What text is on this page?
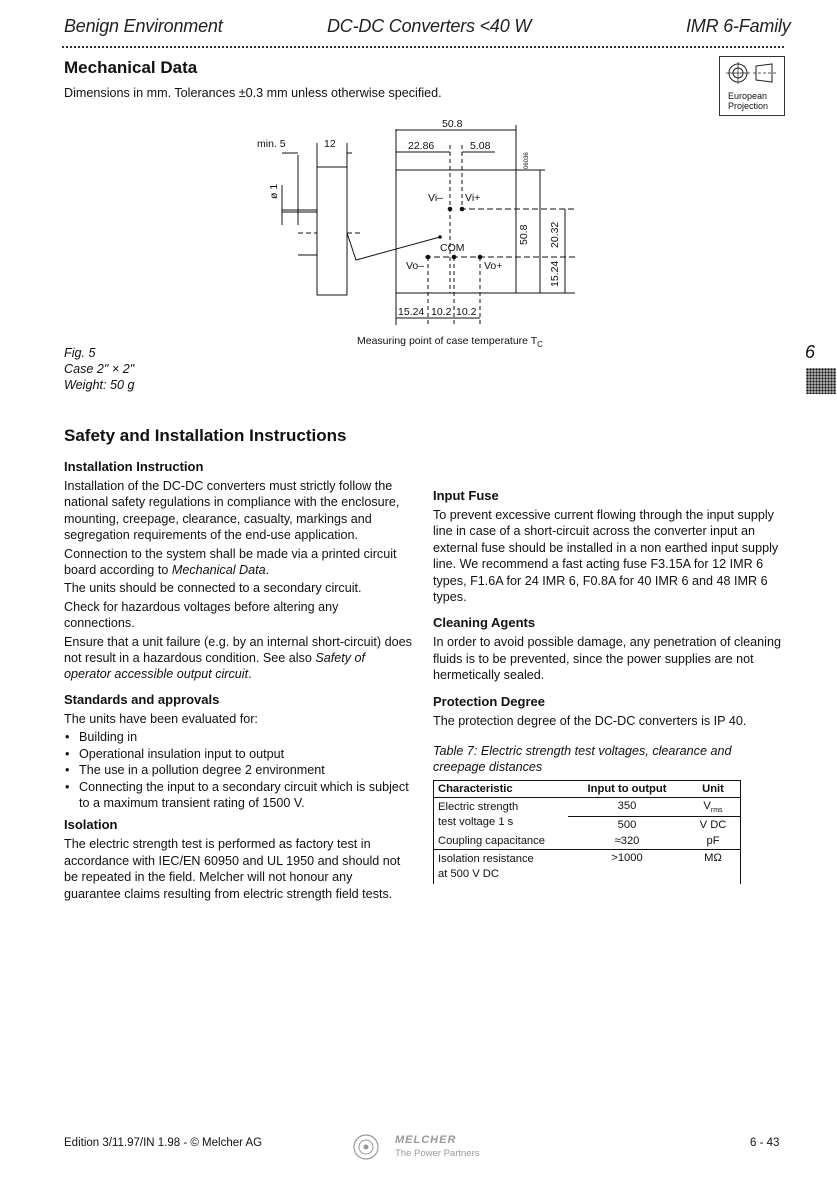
Benign Environment	DC-DC Converters <40 W	IMR 6-Family
Mechanical Data
Dimensions in mm. Tolerances ±0.3 mm unless otherwise specified.	European
Projection
min. 5	12
ø 1
50.8
22.86	5.08
50.8 20.32
15.24
15.24 10.2 10.2
Vi– Vi+
COM
Vo–	Vo+
06036
Measuring point of case temperature $T_C$
Fig. 5
Case 2" × 2"
Weight: 50 g
6
Safety and Installation Instructions
Installation Instruction

Installation of the DC-DC converters must strictly follow the national safety regulations in compliance with the enclosure, mounting, creepage, clearance, casualty, markings and segregation requirements of the end-use application.

Connection to the system shall be made via a printed circuit board according to Mechanical Data.

The units should be connected to a secondary circuit.

Check for hazardous voltages before altering any connections.

Ensure that a unit failure (e.g. by an internal short-circuit) does not result in a hazardous condition. See also Safety of operator accessible output circuit.

Standards and approvals

The units have been evaluated for:

• Building in
• Operational insulation input to output
• The use in a pollution degree 2 environment
• Connecting the input to a secondary circuit which is subject to a maximum transient rating of 1500 V.
Isolation

The electric strength test is performed as factory test in accordance with IEC/EN 60950 and UL 1950 and should not be repeated in the field. Melcher will not honour any guarantee claims resulting from electric strength field tests.

Input Fuse

To prevent excessive current flowing through the input supply line in case of a short-circuit across the converter input an external fuse should be installed in a non earthed input supply line. We recommend a fast acting fuse F3.15A for 12 IMR 6 types, F1.6A for 24 IMR 6, F0.8A for 40 IMR 6 and 48 IMR 6 types.

Cleaning Agents

In order to avoid possible damage, any penetration of cleaning fluids is to be prevented, since the power supplies are not hermetically sealed.

Protection Degree

The protection degree of the DC-DC converters is IP 40.

Table 7: Electric strength test voltages, clearance and creepage distances

Characteristic	Input to output	Unit

Electric strength
test voltage 1 s	350	$V_{rms}$
	500	V DC
Coupling capacitance	≈320	pF

Isolation resistance
at 500 V DC	>1000	MΩ
Edition 3/11.97/IN 1.98 - © Melcher AG	MELCHER
The Power Partners
6 - 43
